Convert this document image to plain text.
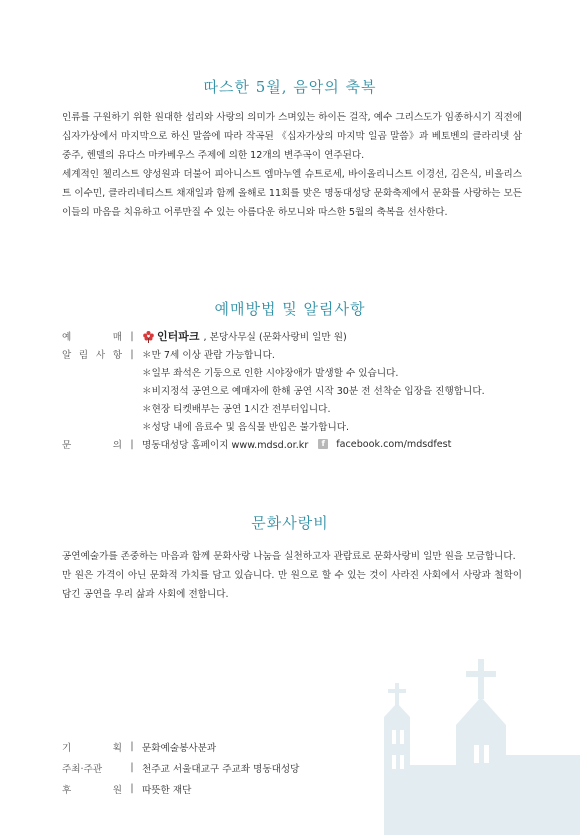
따스한 5월, 음악의 축복

인류를 구원하기 위한 원대한 섭리와 사랑의 의미가 스며있는 하이든 걸작, 예수 그리스도가 임종하시기 직전에 십자가상에서 마지막으로 하신 말씀에 따라 작곡된 《십자가상의 마지막 일곱 말씀》과 베토벤의 클라리넷 삼중주, 헨델의 유다스 마카베우스 주제에 의한 12개의 변주곡이 연주된다.

세계적인 첼리스트 양성원과 더불어 피아니스트 엠마누엘 슈트로세, 바이올리니스트 이경선, 김은식, 비올리스트 이수민, 클라리네티스트 채재일과 함께 올해로 11회를 맞은 명동대성당 문화축제에서 문화를 사랑하는 모든 이들의 마음을 치유하고 어루만질 수 있는 아름다운 하모니와 따스한 5월의 축복을 선사한다.

예매방법 및 알림사항
예	매 |	인터파크 , 본당사무실 (문화사랑비 일만 원)
알 림 사 항 | ＊만 7세 이상 관람 가능합니다.
＊일부 좌석은 기둥으로 인한 시야장애가 발생할 수 있습니다.
＊비지정석 공연으로 예매자에 한해 공연 시작 30분 전 선착순 입장을 진행합니다.
＊현장 티켓배부는 공연 1시간 전부터입니다.
＊성당 내에 음료수 및 음식물 반입은 불가합니다.
문	의 | 명동대성당 홈페이지 www.mdsd.or.kr	f	facebook.com/mdsdfest
문화사랑비

공연예술가를 존중하는 마음과 함께 문화사랑 나눔을 실천하고자 관람료로 문화사랑비 일만 원을 모금합니다.

만 원은 가격이 아닌 문화적 가치를 담고 있습니다. 만 원으로 할 수 있는 것이 사라진 사회에서 사랑과 철학이 담긴 공연을 우리 삶과 사회에 전합니다.

기	획 | 문화예술봉사분과
주최·주관	| 천주교 서울대교구 주교좌 명동대성당
후	원 | 따뜻한 재단
